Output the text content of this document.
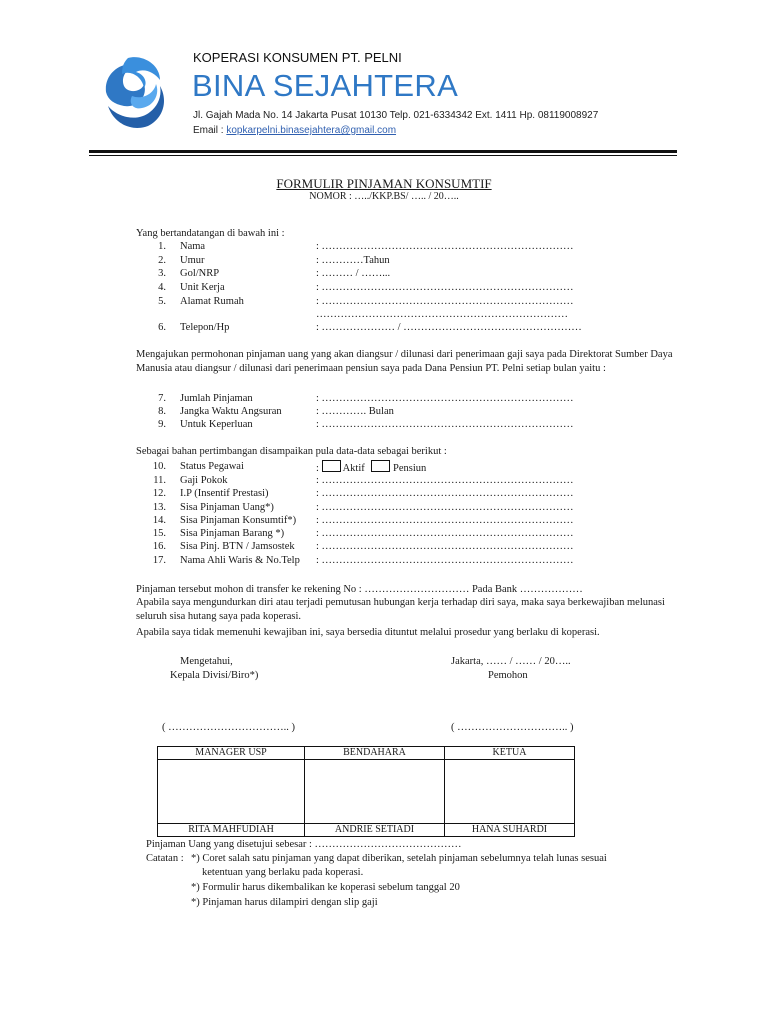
KOPERASI KONSUMEN PT. PELNI
BINA SEJAHTERA
Jl. Gajah Mada No. 14 Jakarta Pusat 10130 Telp. 021-6334342 Ext. 1411 Hp. 08119008927
Email : kopkarpelni.binasejahtera@gmail.com
FORMULIR PINJAMAN KONSUMTIF
NOMOR : …../KKP.BS/ ….. / 20…..
Yang bertandatangan di bawah ini :
1. Nama	: ………………………………………………………………
2. Umur	: …………Tahun
3. Gol/NRP	: ……… / ……...
4. Unit Kerja	: ………………………………………………………………
5. Alamat Rumah	: ………………………………………………………………
………………………………………………………………
6. Telepon/Hp	: ………………… / ……………………………………………
Mengajukan permohonan pinjaman uang yang akan diangsur / dilunasi dari penerimaan gaji saya pada Direktorat Sumber Daya Manusia atau diangsur / dilunasi dari penerimaan pensiun saya pada Dana Pensiun PT. Pelni setiap bulan yaitu :
7. Jumlah Pinjaman	: ………………………………………………………………
8. Jangka Waktu Angsuran	: …………. Bulan
9. Untuk Keperluan	: ………………………………………………………………
Sebagai bahan pertimbangan disampaikan pula data-data sebagai berikut :
10. Status Pegawai	: Aktif	Pensiun
11. Gaji Pokok	: ………………………………………………………………
12. I.P (Insentif Prestasi)	: ………………………………………………………………
13. Sisa Pinjaman Uang*)	: ………………………………………………………………
14. Sisa Pinjaman Konsumtif*) : ………………………………………………………………
15. Sisa Pinjaman Barang *)	: ………………………………………………………………
16. Sisa Pinj. BTN / Jamsostek : ………………………………………………………………
17. Nama Ahli Waris & No.Telp : ………………………………………………………………
Pinjaman tersebut mohon di transfer ke rekening No : ………………………… Pada Bank ………………
Apabila saya mengundurkan diri atau terjadi pemutusan hubungan kerja terhadap diri saya, maka saya berkewajiban melunasi seluruh sisa hutang saya pada koperasi.
Apabila saya tidak memenuhi kewajiban ini, saya bersedia dituntut melalui prosedur yang berlaku di koperasi.
Mengetahui,
Kepala Divisi/Biro*)
Jakarta, …… / …… / 20…..
Pemohon
( …………………………….. )	( ………………………….. )
MANAGER USP	BENDAHARA	KETUA

RITA MAHFUDIAH	ANDRIE SETIADI	HANA SUHARDI
Pinjaman Uang yang disetujui sebesar : ……………………………………
Catatan : *) Coret salah satu pinjaman yang dapat diberikan, setelah pinjaman sebelumnya telah lunas sesuai
ketentuan yang berlaku pada koperasi.
*) Formulir harus dikembalikan ke koperasi sebelum tanggal 20
*) Pinjaman harus dilampiri dengan slip gaji
